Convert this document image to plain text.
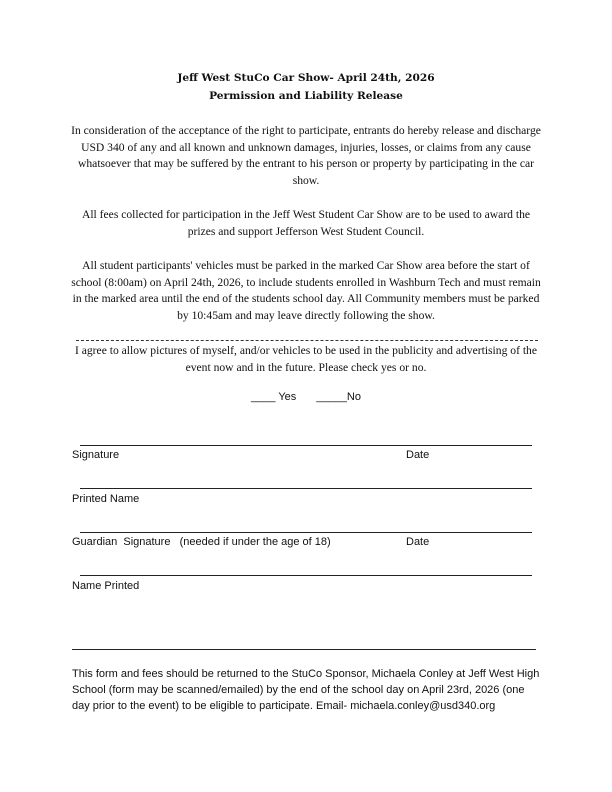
Jeff West StuCo Car Show- April 24th, 2026
Permission and Liability Release
In consideration of the acceptance of the right to participate, entrants do hereby release and discharge USD 340 of any and all known and unknown damages, injuries, losses, or claims from any cause whatsoever that may be suffered by the entrant to his person or property by participating in the car show.
All fees collected for participation in the Jeff West Student Car Show are to be used to award the prizes and support Jefferson West Student Council.
All student participants' vehicles must be parked in the marked Car Show area before the start of school (8:00am) on April 24th, 2026, to include students enrolled in Washburn Tech and must remain in the marked area until the end of the students school day. All Community members must be parked by 10:45am and may leave directly following the show.
I agree to allow pictures of myself, and/or vehicles to be used in the publicity and advertising of the event now and in the future. Please check yes or no.
____ Yes _____No
Signature	Date
Printed Name
Guardian  Signature   (needed if under the age of 18)	Date
Name Printed
This form and fees should be returned to the StuCo Sponsor, Michaela Conley at Jeff West High School (form may be scanned/emailed) by the end of the school day on April 23rd, 2026 (one day prior to the event) to be eligible to participate. Email- michaela.conley@usd340.org
